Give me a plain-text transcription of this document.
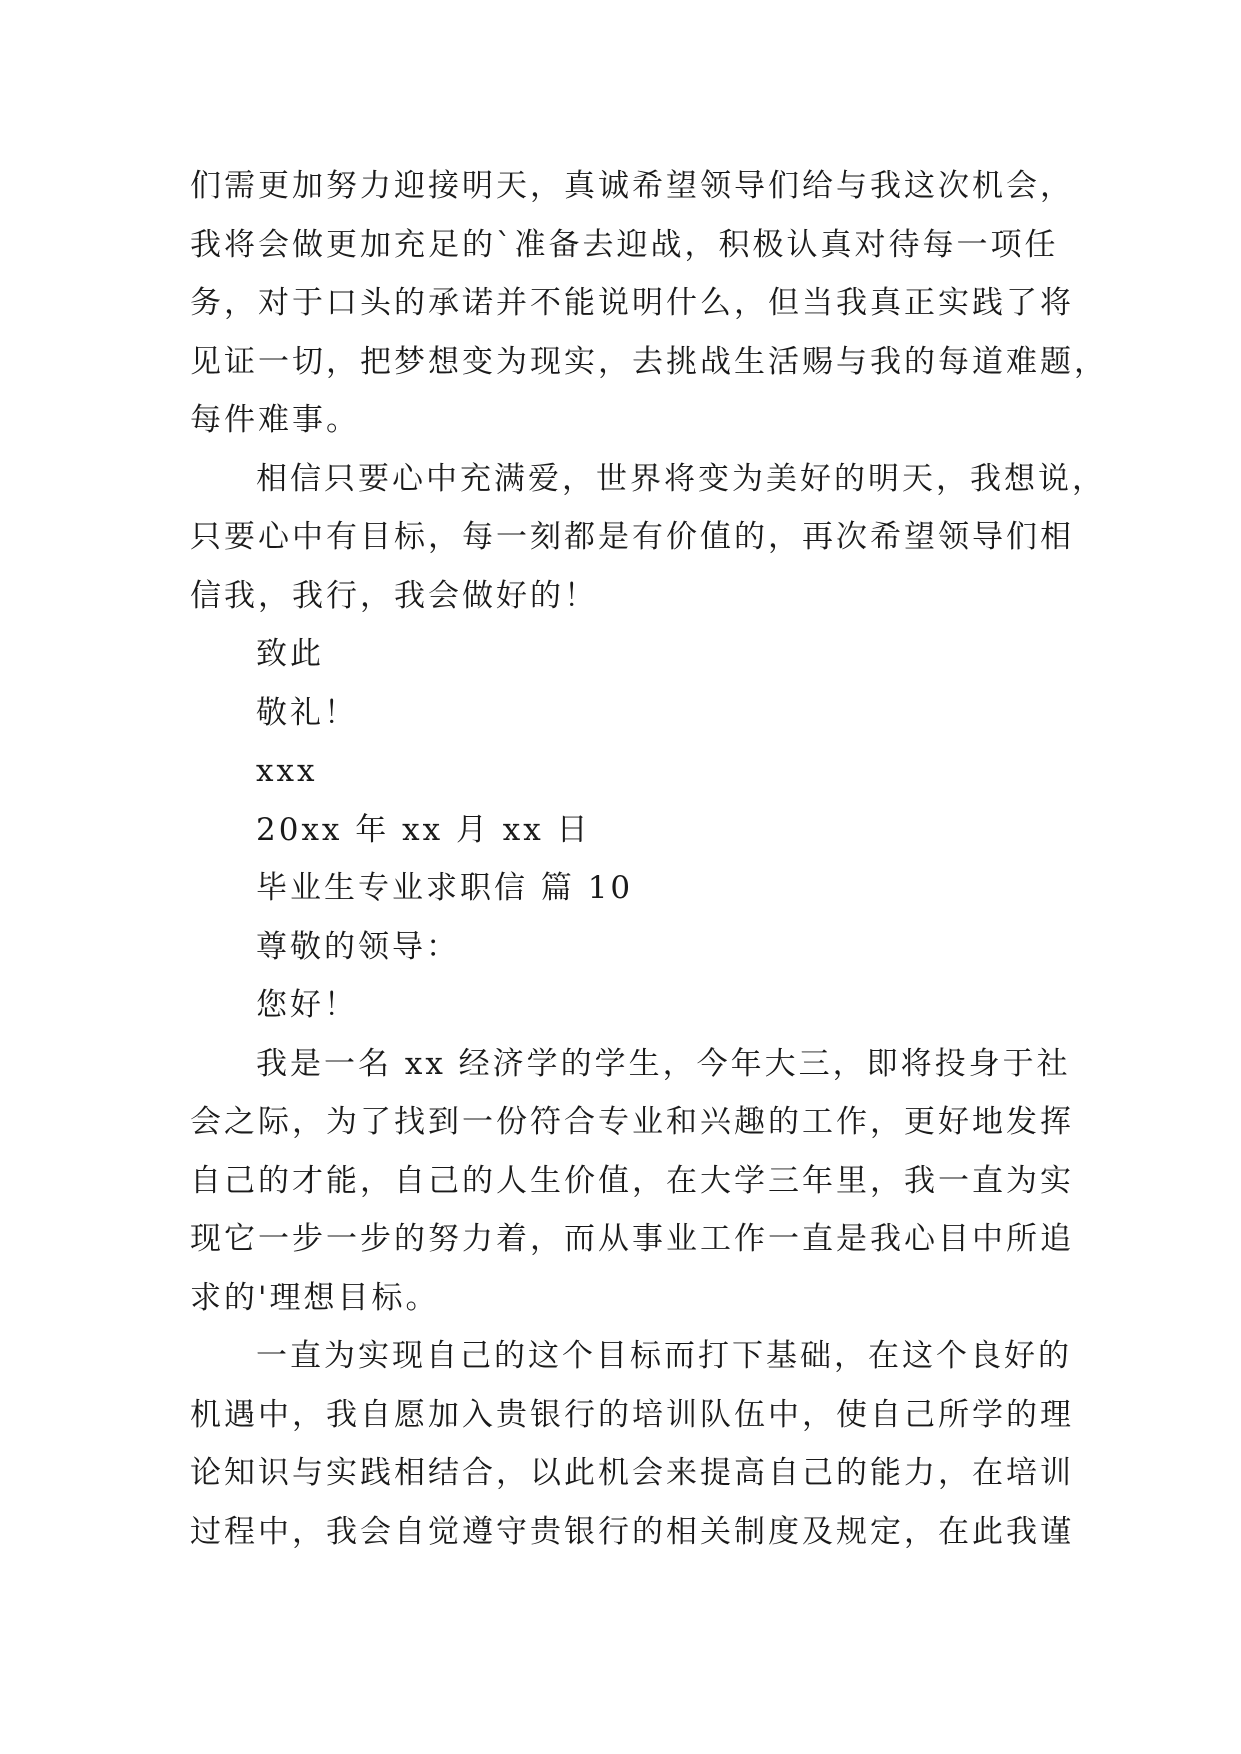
们需更加努力迎接明天，真诚希望领导们给与我这次机会，
我将会做更加充足的`准备去迎战，积极认真对待每一项任
务，对于口头的承诺并不能说明什么，但当我真正实践了将
见证一切，把梦想变为现实，去挑战生活赐与我的每道难题，
每件难事。
相信只要心中充满爱，世界将变为美好的明天，我想说，
只要心中有目标，每一刻都是有价值的，再次希望领导们相
信我，我行，我会做好的！
致此
敬礼！
xxx
20xx 年 xx 月 xx 日
毕业生专业求职信 篇 10
尊敬的领导：
您好！
我是一名 xx 经济学的学生，今年大三，即将投身于社
会之际，为了找到一份符合专业和兴趣的工作，更好地发挥
自己的才能，自己的人生价值，在大学三年里，我一直为实
现它一步一步的努力着，而从事业工作一直是我心目中所追
求的'理想目标。
一直为实现自己的这个目标而打下基础，在这个良好的
机遇中，我自愿加入贵银行的培训队伍中，使自己所学的理
论知识与实践相结合，以此机会来提高自己的能力，在培训
过程中，我会自觉遵守贵银行的相关制度及规定，在此我谨
